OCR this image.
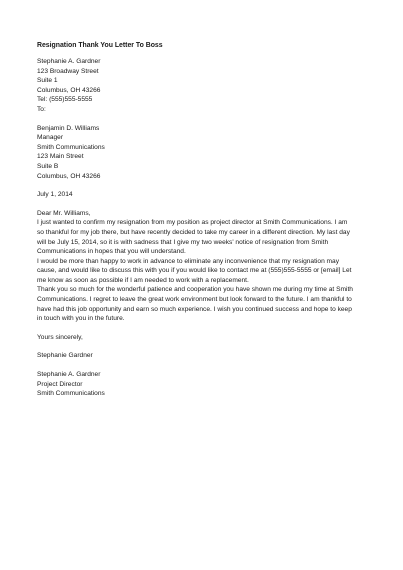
Resignation Thank You Letter To Boss
Stephanie A. Gardner
123 Broadway Street
Suite 1
Columbus, OH 43266
Tel: (555)555-5555
To:
Benjamin D. Williams
Manager
Smith Communications
123 Main Street
Suite B
Columbus, OH 43266
July 1, 2014
Dear Mr. Williams,
I just wanted to confirm my resignation from my position as project director at Smith Communications. I am
so thankful for my job there, but have recently decided to take my career in a different direction. My last day
will be July 15, 2014, so it is with sadness that I give my two weeks' notice of resignation from Smith
Communications in hopes that you will understand.
I would be more than happy to work in advance to eliminate any inconvenience that my resignation may
cause, and would like to discuss this with you if you would like to contact me at (555)555-5555 or [email] Let
me know as soon as possible if I am needed to work with a replacement.
Thank you so much for the wonderful patience and cooperation you have shown me during my time at Smith
Communications. I regret to leave the great work environment but look forward to the future. I am thankful to
have had this job opportunity and earn so much experience. I wish you continued success and hope to keep
in touch with you in the future.
Yours sincerely,
Stephanie Gardner
Stephanie A. Gardner
Project Director
Smith Communications
